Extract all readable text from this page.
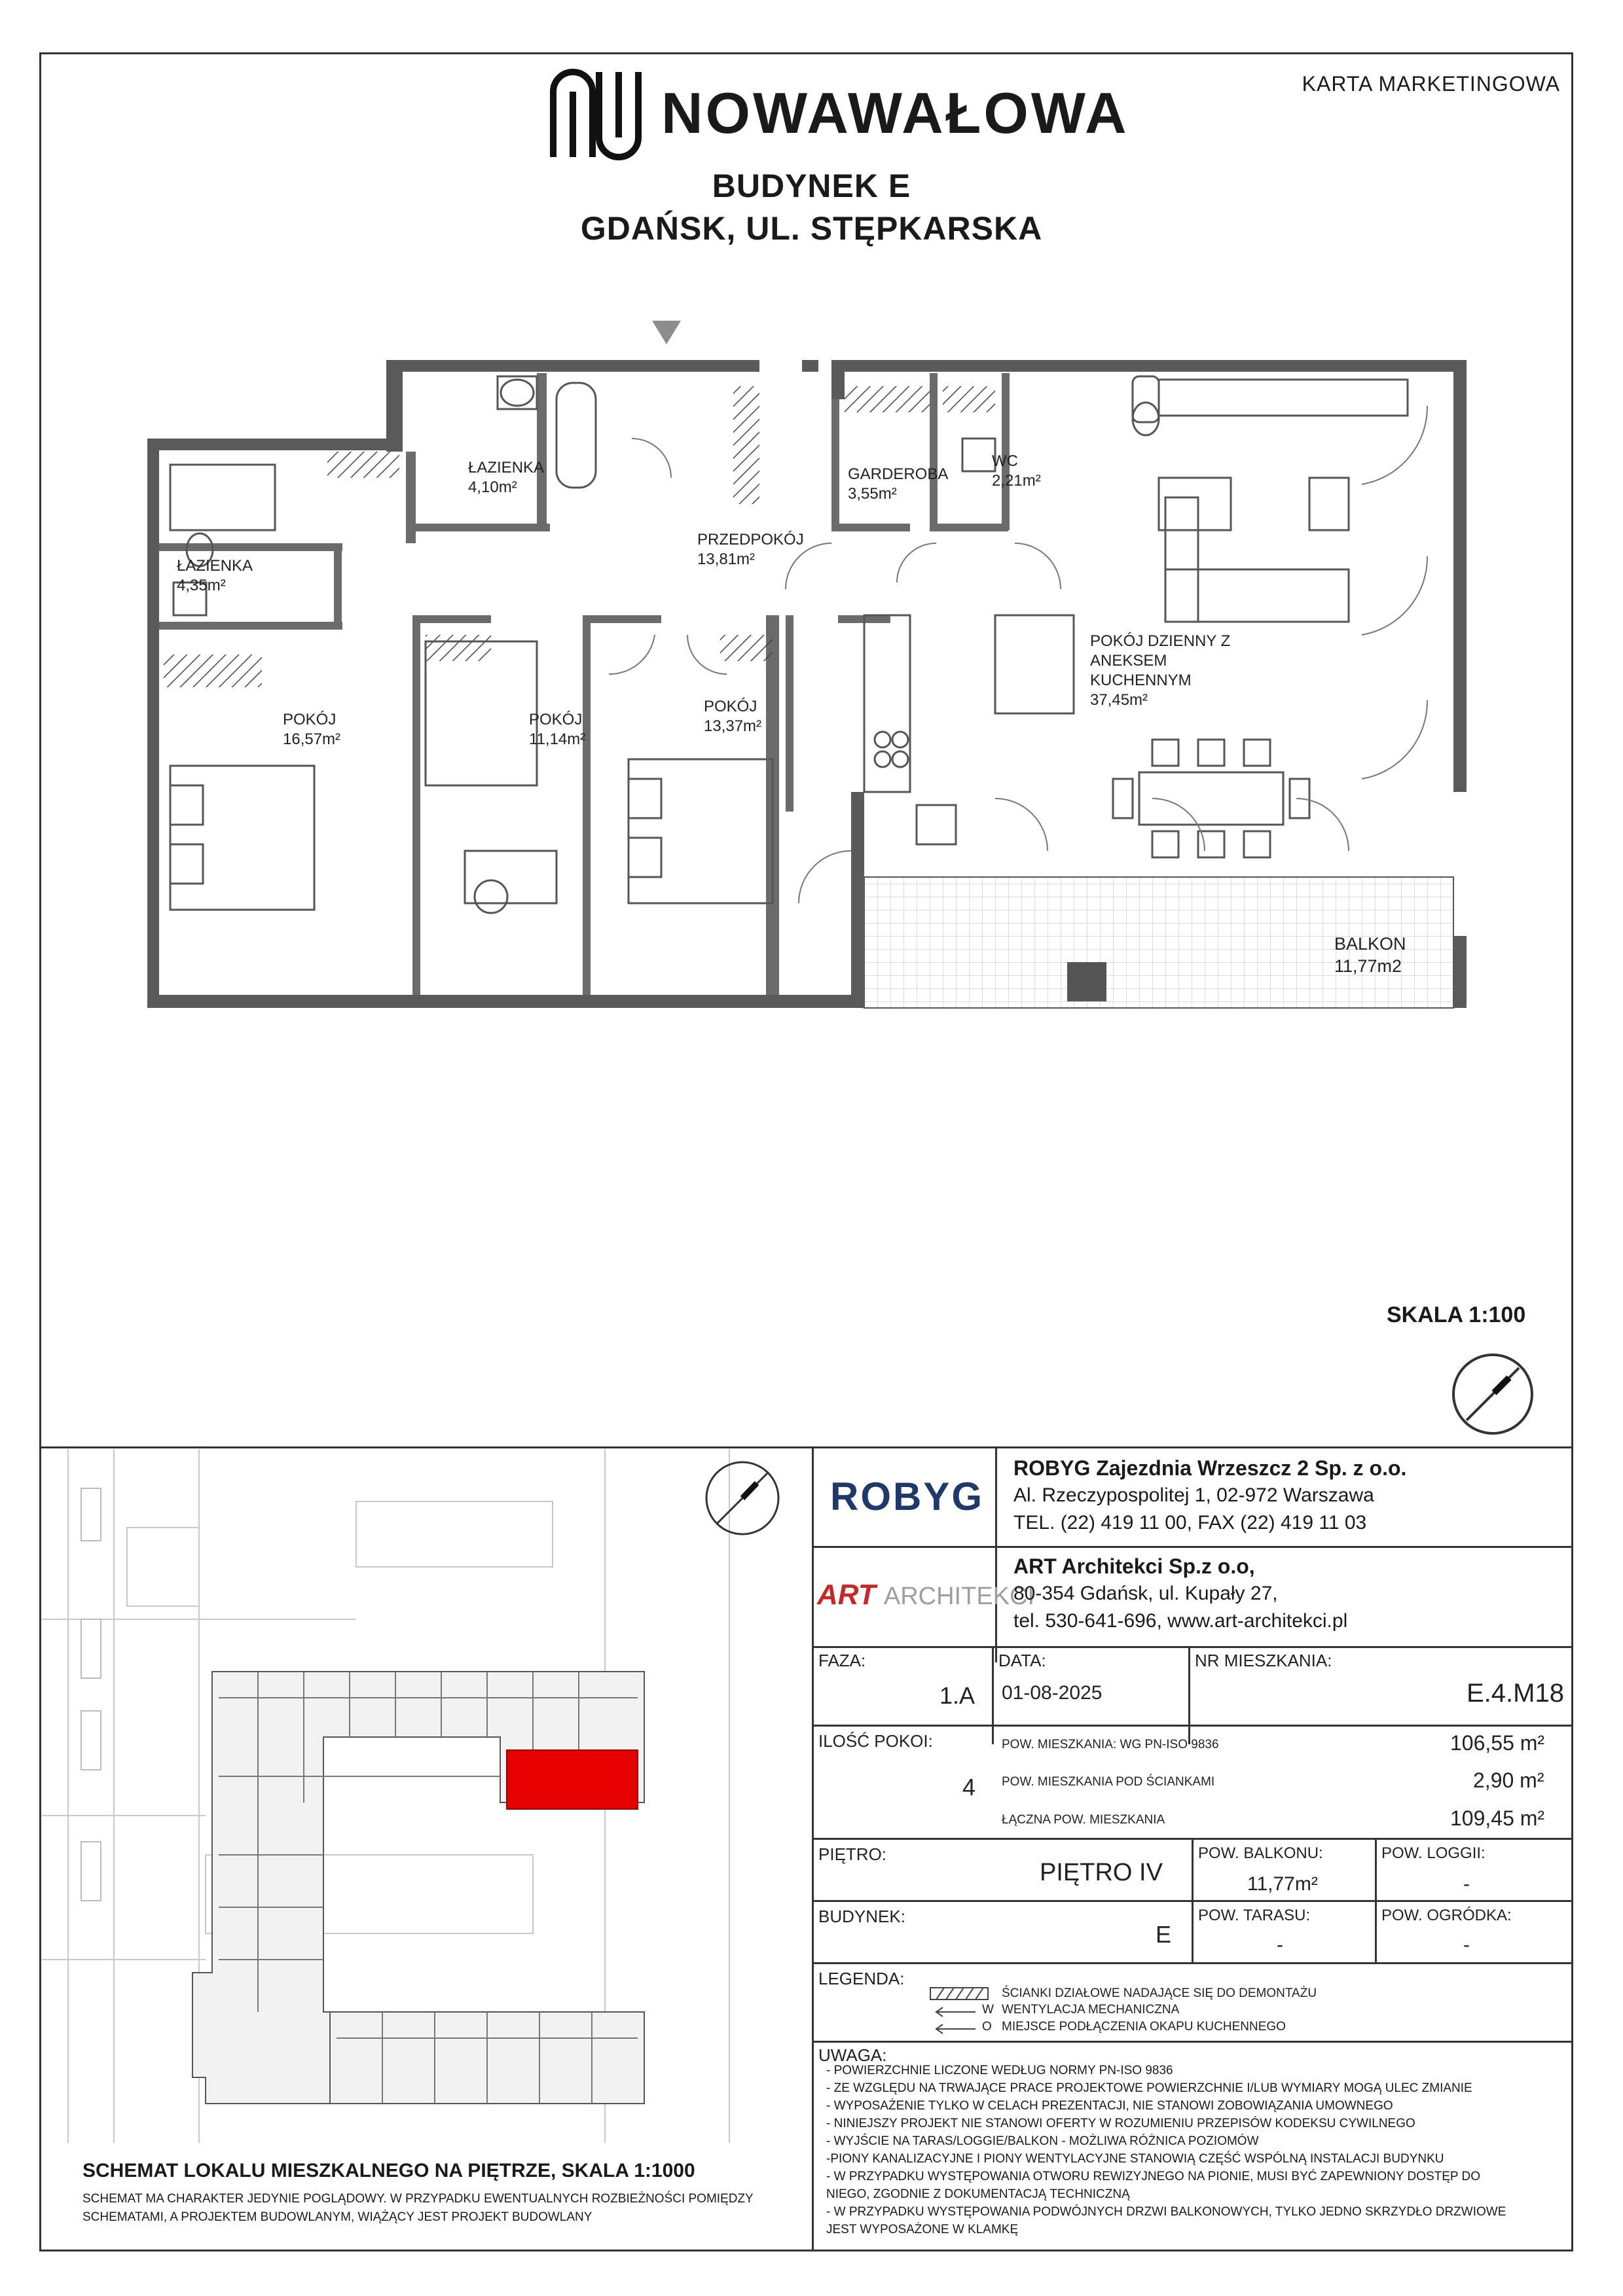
KARTA MARKETINGOWA
NOWAWAŁOWA
BUDYNEK E
GDAŃSK, UL. STĘPKARSKA
ŁAZIENKA
4,10m²
ŁAZIENKA
4,35m²
GARDEROBA
3,55m²
WC
2,21m²
PRZEDPOKÓJ
13,81m²
POKÓJ DZIENNY Z ANEKSEM KUCHENNYM
37,45m²
POKÓJ
16,57m²
POKÓJ
11,14m²
POKÓJ
13,37m²
BALKON
11,77m2
SKALA 1:100
SCHEMAT LOKALU MIESZKALNEGO NA PIĘTRZE, SKALA 1:1000
SCHEMAT MA CHARAKTER JEDYNIE POGLĄDOWY. W PRZYPADKU EWENTUALNYCH ROZBIEŻNOŚCI POMIĘDZY SCHEMATAMI, A PROJEKTEM BUDOWLANYM, WIĄŻĄCY JEST PROJEKT BUDOWLANY
ROBYG
ROBYG Zajezdnia Wrzeszcz 2 Sp. z o.o.
Al. Rzeczypospolitej 1, 02-972 Warszawa
TEL. (22) 419 11 00, FAX (22) 419 11 03
ART ARCHITEKCI
ART Architekci Sp.z o.o,
80-354 Gdańsk, ul. Kupały 27,
tel. 530-641-696, www.art-architekci.pl
FAZA:
1.A
DATA:
01-08-2025
NR MIESZKANIA:
E.4.M18
ILOŚĆ POKOI:
4
POW. MIESZKANIA: WG PN-ISO 9836	106,55 m²
POW. MIESZKANIA POD ŚCIANKAMI	2,90 m²
ŁĄCZNA POW. MIESZKANIA	109,45 m²
PIĘTRO:
PIĘTRO IV
POW. BALKONU:
11,77m²
POW. LOGGII:
-
BUDYNEK:
E
POW. TARASU:
-
POW. OGRÓDKA:
-
LEGENDA:
ŚCIANKI DZIAŁOWE NADAJĄCE SIĘ DO DEMONTAŻU
W WENTYLACJA MECHANICZNA
O MIEJSCE PODŁĄCZENIA OKAPU KUCHENNEGO
UWAGA:
- POWIERZCHNIE LICZONE WEDŁUG NORMY PN-ISO 9836
- ZE WZGLĘDU NA TRWAJĄCE PRACE PROJEKTOWE POWIERZCHNIE I/LUB WYMIARY MOGĄ ULEC ZMIANIE
- WYPOSAŻENIE TYLKO W CELACH PREZENTACJI, NIE STANOWI ZOBOWIĄZANIA UMOWNEGO
- NINIEJSZY PROJEKT NIE STANOWI OFERTY W ROZUMIENIU PRZEPISÓW KODEKSU CYWILNEGO
- WYJŚCIE NA TARAS/LOGGIE/BALKON - MOŻLIWA RÓŻNICA POZIOMÓW
-PIONY KANALIZACYJNE I PIONY WENTYLACYJNE STANOWIĄ CZĘŚĆ WSPÓLNĄ INSTALACJI BUDYNKU
- W PRZYPADKU WYSTĘPOWANIA OTWORU REWIZYJNEGO NA PIONIE, MUSI BYĆ ZAPEWNIONY DOSTĘP DO NIEGO, ZGODNIE Z DOKUMENTACJĄ TECHNICZNĄ
- W PRZYPADKU WYSTĘPOWANIA PODWÓJNYCH DRZWI BALKONOWYCH, TYLKO JEDNO SKRZYDŁO DRZWIOWE JEST WYPOSAŻONE W KLAMKĘ
